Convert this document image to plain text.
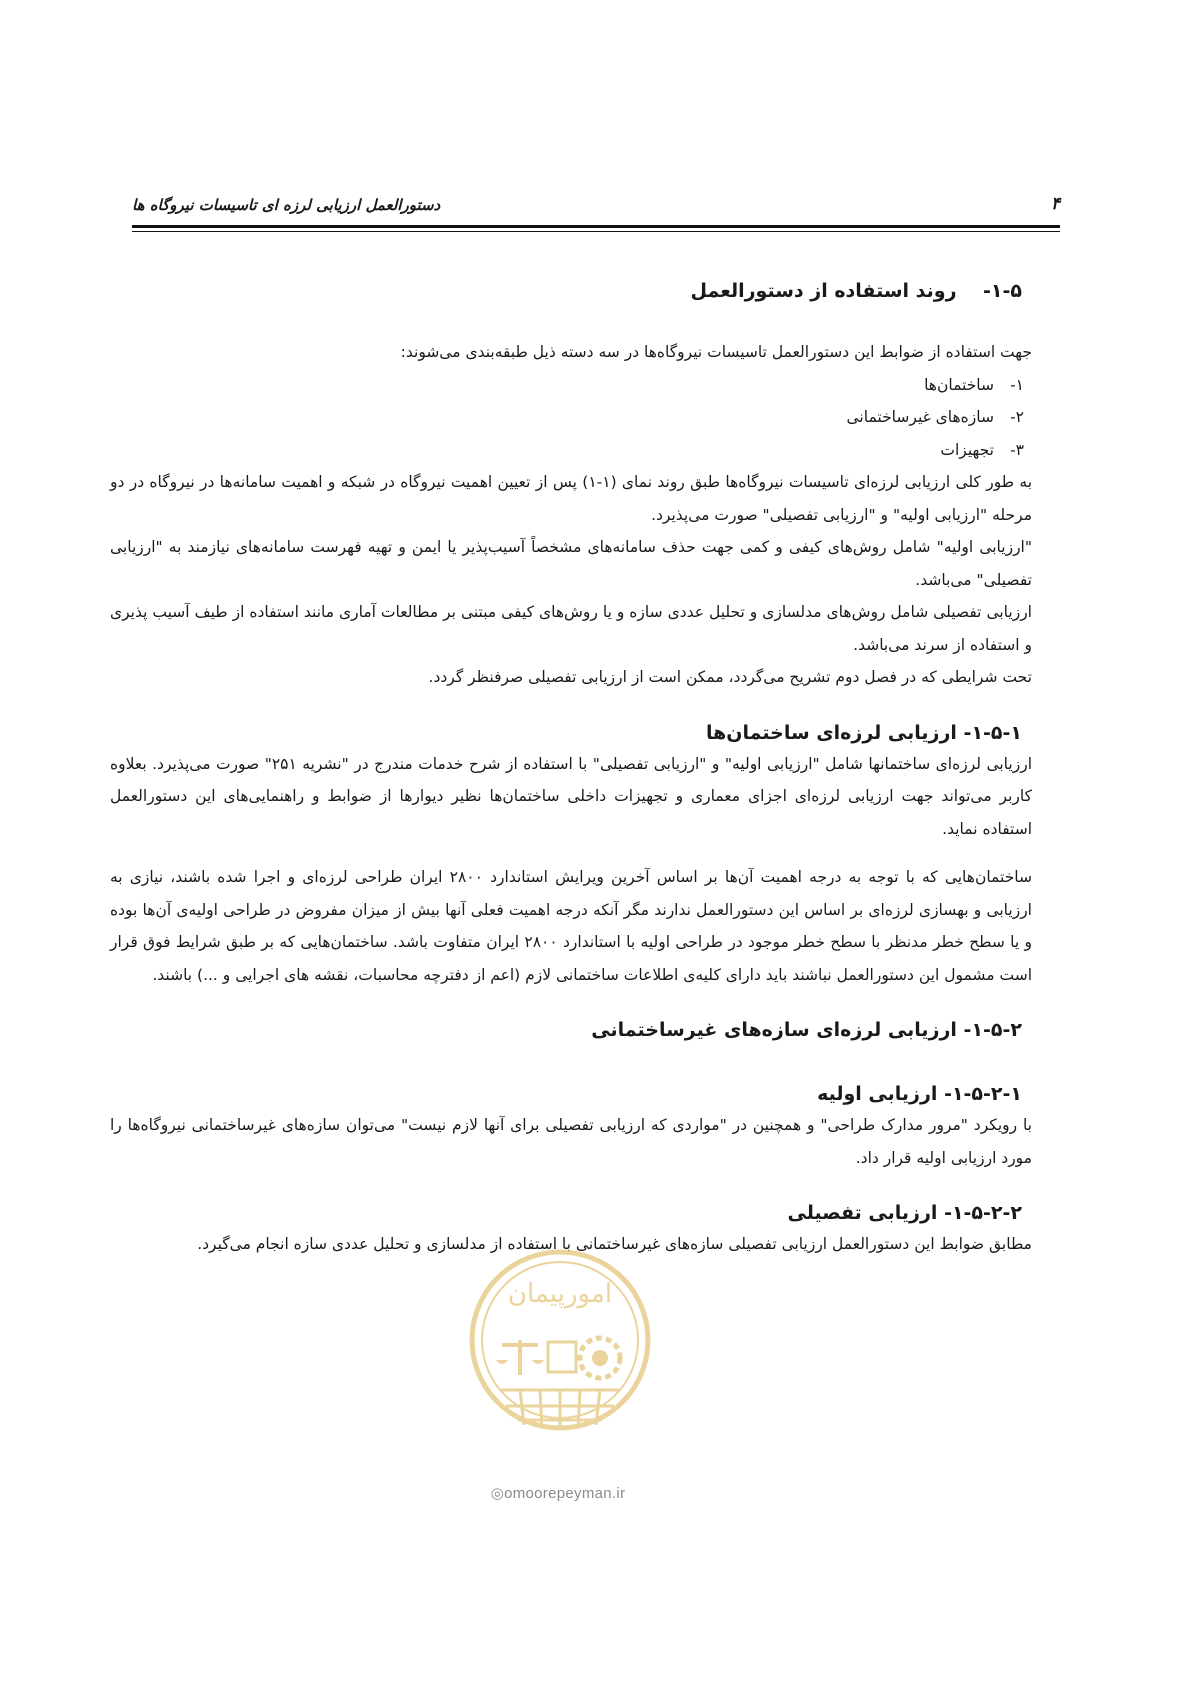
دستورالعمل ارزیابی لرزه ای تاسیسات نیروگاه ها	۴
۱-۵-    روند استفاده از دستورالعمل

جهت استفاده از ضوابط این دستورالعمل تاسیسات نیروگاه‌ها در سه دسته ذیل طبقه‌بندی می‌شوند:

۱-ساختمان‌ها

۲-سازه‌های غیرساختمانی

۳-تجهیزات

به طور کلی ارزیابی لرزه‌ای تاسیسات نیروگاه‌ها طبق روند نمای (۱-۱) پس از تعیین اهمیت نیروگاه در شبکه و اهمیت سامانه‌ها در نیروگاه در دو مرحله "ارزیابی اولیه" و "ارزیابی تفصیلی" صورت می‌پذیرد.

"ارزیابی اولیه" شامل روش‌های کیفی و کمی جهت حذف سامانه‌های مشخصاً آسیب‌پذیر یا ایمن و تهیه فهرست سامانه‌های نیازمند به "ارزیابی تفصیلی" می‌باشد.

ارزیابی تفصیلی شامل روش‌های مدلسازی و تحلیل عددی سازه و یا روش‌های کیفی مبتنی بر مطالعات آماری مانند استفاده از طیف آسیب پذیری و استفاده از سرند می‌باشد.

تحت شرایطی که در فصل دوم تشریح می‌گردد، ممکن است از ارزیابی تفصیلی صرفنظر گردد.

۱-۵-۱- ارزیابی لرزه‌ای ساختمان‌ها

ارزیابی لرزه‌ای ساختمانها شامل "ارزیابی اولیه" و "ارزیابی تفصیلی" با استفاده از شرح خدمات مندرج در "نشریه ۲۵۱" صورت می‌پذیرد. بعلاوه کاربر می‌تواند جهت ارزیابی لرزه‌ای اجزای معماری و تجهیزات داخلی ساختمان‌ها نظیر دیوارها از ضوابط و راهنمایی‌های این دستورالعمل استفاده نماید.

ساختمان‌هایی که با توجه به درجه اهمیت آن‌ها بر اساس آخرین ویرایش استاندارد ۲۸۰۰ ایران طراحی لرزه‌ای و اجرا شده باشند، نیازی به ارزیابی و بهسازی لرزه‌ای بر اساس این دستورالعمل ندارند مگر آنکه درجه اهمیت فعلی آنها بیش از میزان مفروض در طراحی اولیه‌ی آن‌ها بوده و یا سطح خطر مدنظر با سطح خطر موجود در طراحی اولیه با استاندارد ۲۸۰۰ ایران متفاوت باشد. ساختمان‌هایی که بر طبق شرایط فوق قرار است مشمول این دستورالعمل نباشند باید دارای کلیه‌ی اطلاعات ساختمانی لازم (اعم از دفترچه محاسبات، نقشه های اجرایی و ...) باشند.

۱-۵-۲- ارزیابی لرزه‌ای سازه‌های غیرساختمانی
۱-۵-۲-۱- ارزیابی اولیه

با رویکرد "مرور مدارک طراحی" و همچنین در "مواردی که ارزیابی تفصیلی برای آنها لازم نیست" می‌توان سازه‌های غیرساختمانی نیروگاه‌ها را مورد ارزیابی اولیه قرار داد.

۱-۵-۲-۲- ارزیابی تفصیلی

مطابق ضوابط این دستورالعمل ارزیابی تفصیلی سازه‌های غیرساختمانی با استفاده از مدلسازی و تحلیل عددی سازه انجام می‌گیرد.

امورپیمان
◎omoorepeyman.ir
